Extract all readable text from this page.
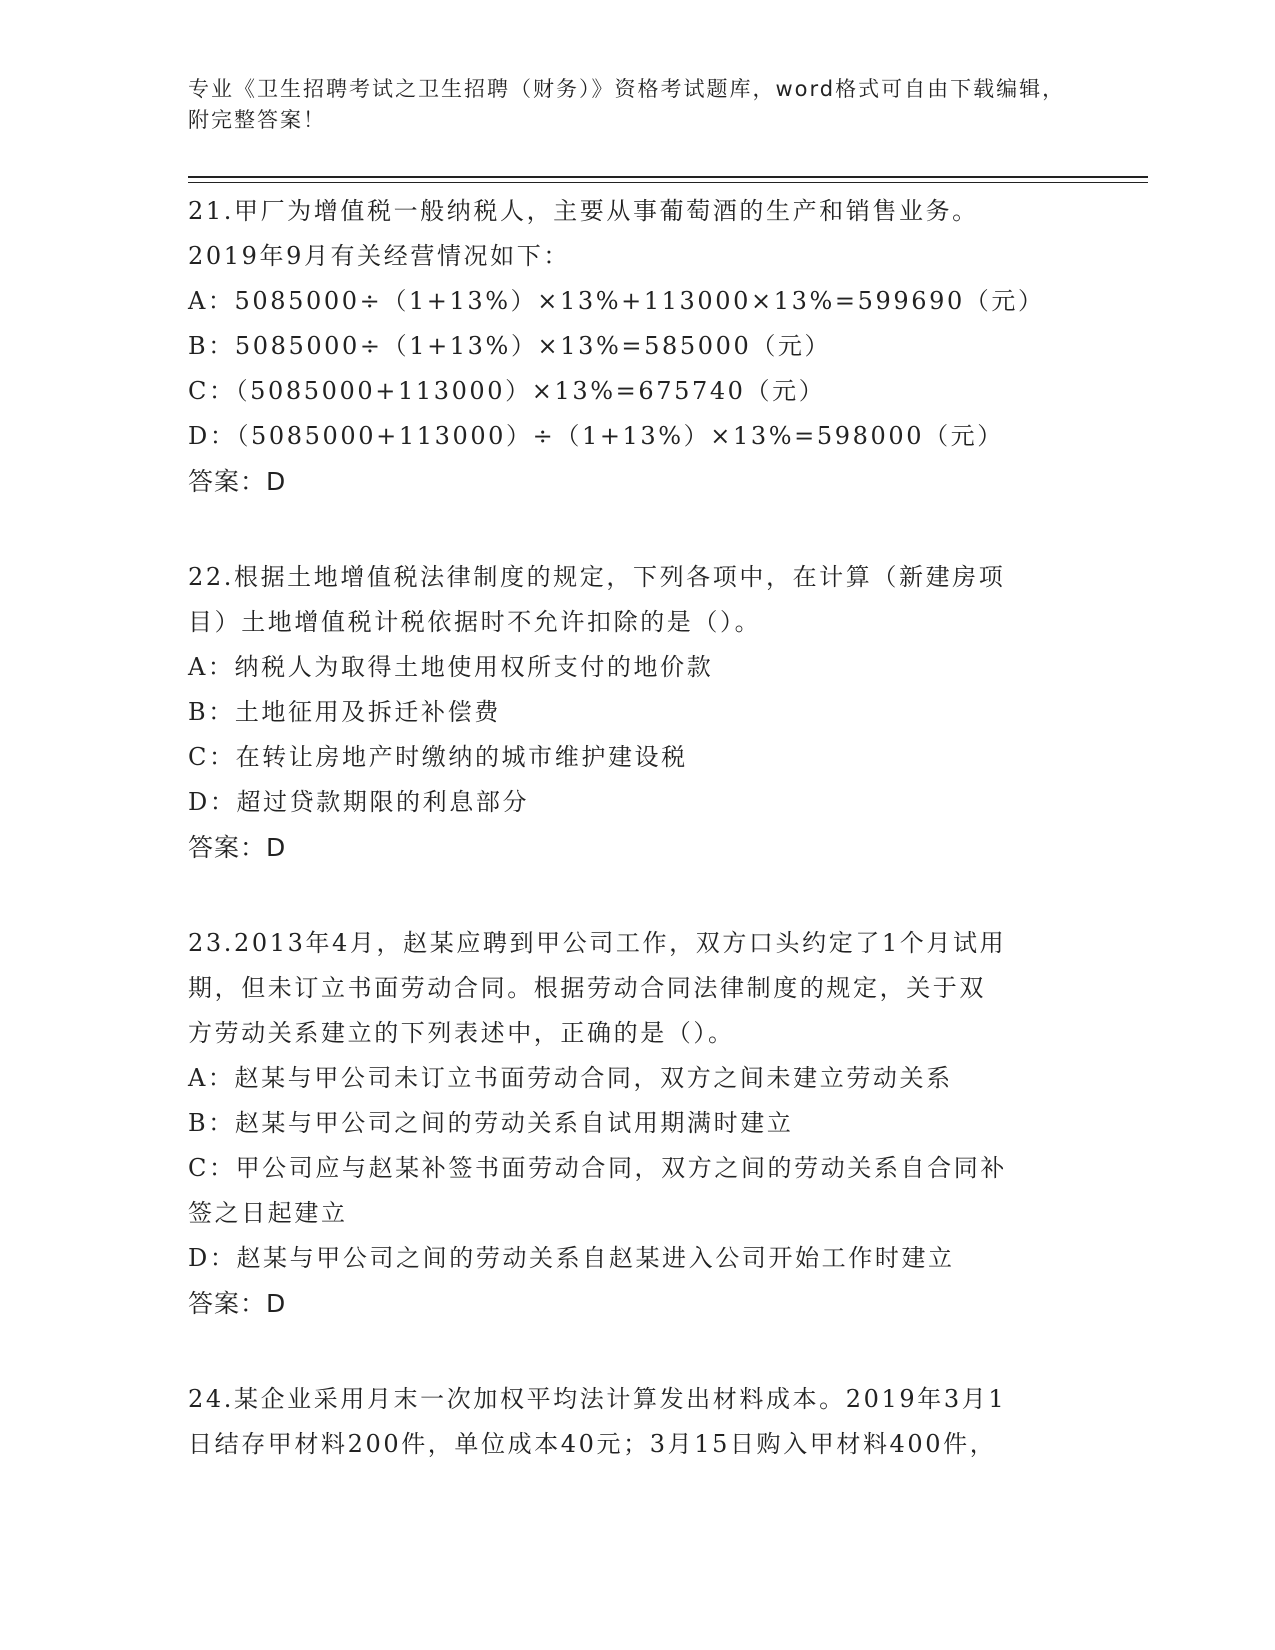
专业《卫生招聘考试之卫生招聘（财务）》资格考试题库，word格式可自由下载编辑，附完整答案！
21.甲厂为增值税一般纳税人，主要从事葡萄酒的生产和销售业务。
2019年9月有关经营情况如下：
A：5085000÷（1+13%）×13%+113000×13%=599690（元）
B：5085000÷（1+13%）×13%=585000（元）
C：（5085000+113000）×13%=675740（元）
D：（5085000+113000）÷（1+13%）×13%=598000（元）
答案：D
22.根据土地增值税法律制度的规定，下列各项中，在计算（新建房项
目）土地增值税计税依据时不允许扣除的是（）。
A：纳税人为取得土地使用权所支付的地价款
B：土地征用及拆迁补偿费
C：在转让房地产时缴纳的城市维护建设税
D：超过贷款期限的利息部分
答案：D
23.2013年4月，赵某应聘到甲公司工作，双方口头约定了1个月试用
期，但未订立书面劳动合同。根据劳动合同法律制度的规定，关于双
方劳动关系建立的下列表述中，正确的是（）。
A：赵某与甲公司未订立书面劳动合同，双方之间未建立劳动关系
B：赵某与甲公司之间的劳动关系自试用期满时建立
C：甲公司应与赵某补签书面劳动合同，双方之间的劳动关系自合同补
签之日起建立
D：赵某与甲公司之间的劳动关系自赵某进入公司开始工作时建立
答案：D
24.某企业采用月末一次加权平均法计算发出材料成本。2019年3月1
日结存甲材料200件，单位成本40元；3月15日购入甲材料400件，
